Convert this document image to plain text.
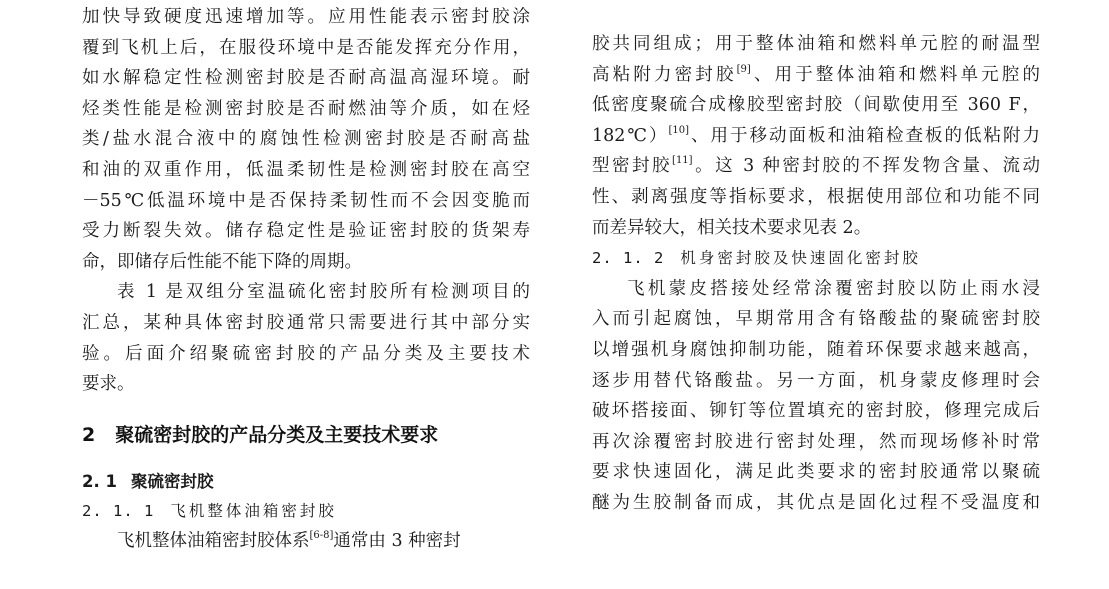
加快导致硬度迅速增加等。应用性能表示密封胶涂
覆到飞机上后，在服役环境中是否能发挥充分作用，
如水解稳定性检测密封胶是否耐高温高湿环境。耐
烃类性能是检测密封胶是否耐燃油等介质，如在烃
类/盐水混合液中的腐蚀性检测密封胶是否耐高盐
和油的双重作用，低温柔韧性是检测密封胶在高空
－55℃低温环境中是否保持柔韧性而不会因变脆而
受力断裂失效。储存稳定性是验证密封胶的货架寿
命，即储存后性能不能下降的周期。
表 1 是双组分室温硫化密封胶所有检测项目的
汇总，某种具体密封胶通常只需要进行其中部分实
验。后面介绍聚硫密封胶的产品分类及主要技术
要求。
2 聚硫密封胶的产品分类及主要技术要求
2. 1 聚硫密封胶
2. 1. 1 飞机整体油箱密封胶
飞机整体油箱密封胶体系[6-8]通常由 3 种密封
胶共同组成；用于整体油箱和燃料单元腔的耐温型
高粘附力密封胶[9]、用于整体油箱和燃料单元腔的
低密度聚硫合成橡胶型密封胶（间歇使用至 360 F，
182℃）[10]、用于移动面板和油箱检查板的低粘附力
型密封胶[11]。这 3 种密封胶的不挥发物含量、流动
性、剥离强度等指标要求，根据使用部位和功能不同
而差异较大，相关技术要求见表 2。
2. 1. 2 机身密封胶及快速固化密封胶
飞机蒙皮搭接处经常涂覆密封胶以防止雨水浸
入而引起腐蚀，早期常用含有铬酸盐的聚硫密封胶
以增强机身腐蚀抑制功能，随着环保要求越来越高，
逐步用替代铬酸盐。另一方面，机身蒙皮修理时会
破坏搭接面、铆钉等位置填充的密封胶，修理完成后
再次涂覆密封胶进行密封处理，然而现场修补时常
要求快速固化，满足此类要求的密封胶通常以聚硫
醚为生胶制备而成，其优点是固化过程不受温度和
